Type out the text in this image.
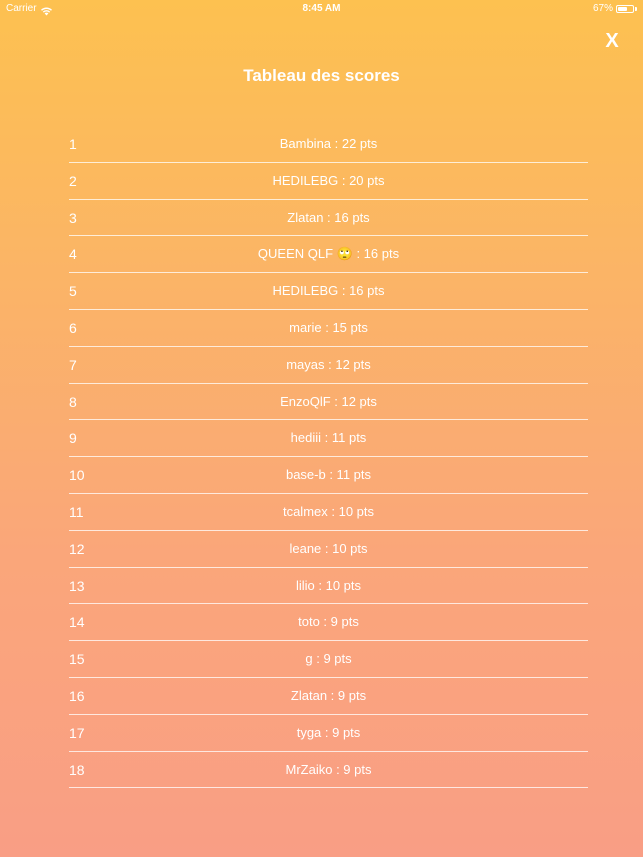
Carrier	8:45 AM	67%
X
Tableau des scores
1	Bambina : 22 pts
2	HEDILEBG : 20 pts
3	Zlatan : 16 pts
4	QUEEN QLF 🙄 : 16 pts
5	HEDILEBG : 16 pts
6	marie : 15 pts
7	mayas : 12 pts
8	EnzoQlF : 12 pts
9	hediii : 11 pts
10	base-b : 11 pts
11	tcalmex : 10 pts
12	leane : 10 pts
13	lilio : 10 pts
14	toto : 9 pts
15	g : 9 pts
16	Zlatan : 9 pts
17	tyga : 9 pts
18	MrZaiko : 9 pts
